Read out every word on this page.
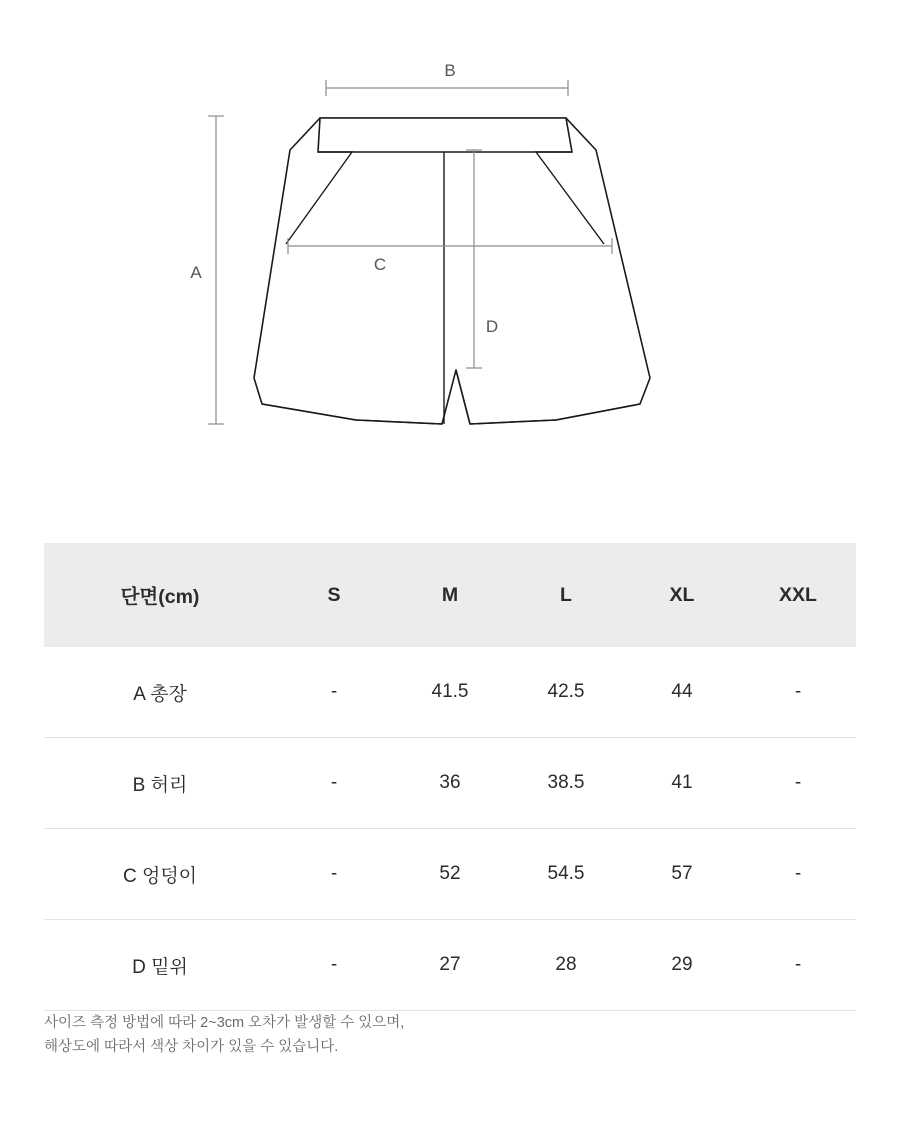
B
A	C
D
단면(cm)	S	M	L	XL	XXL
A 총장	-	41.5	42.5	44	-
B 허리	-	36	38.5	41	-
C 엉덩이	-	52	54.5	57	-
D 밑위	-	27	28	29	-
사이즈 측정 방법에 따라 2~3cm 오차가 발생할 수 있으며,
해상도에 따라서 색상 차이가 있을 수 있습니다.
